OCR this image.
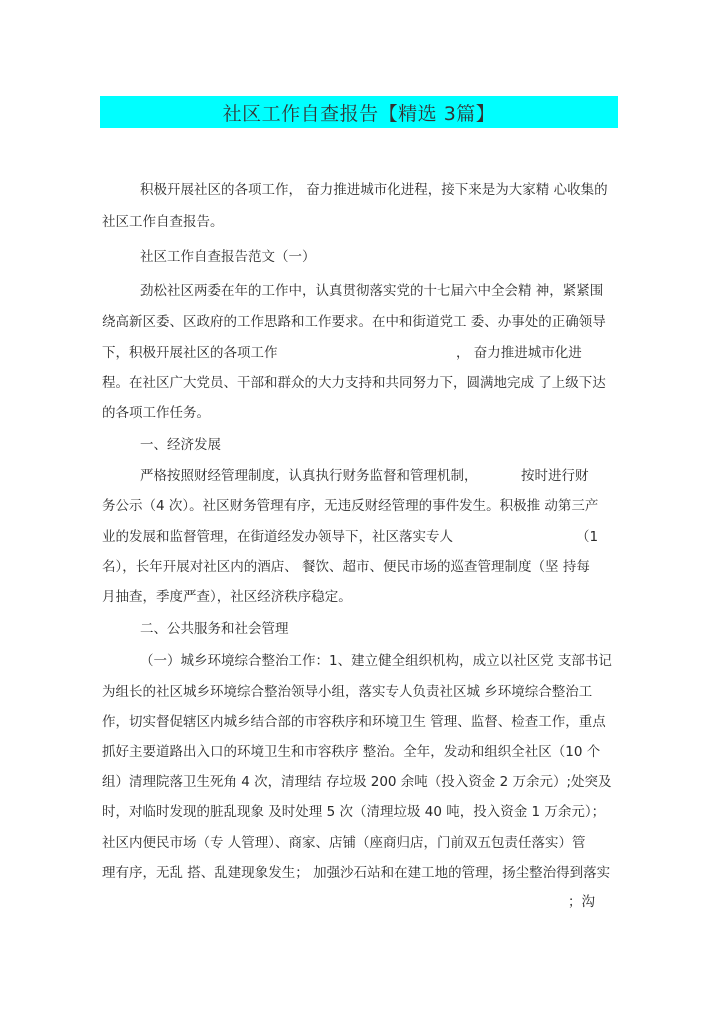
社区工作自查报告【精选 3篇】
积极幵展社区的各项工作， 奋力推进城市化进程，接下来是为大家精 心收集的
社区工作自查报告。
社区工作自查报告范文（一）
劲松社区两委在年的工作中，认真贯彻落实党的十七届六中全会精 神，紧紧围
绕高新区委、区政府的工作思路和工作要求。在中和街道党工 委、办事处的正确领导
下，积极幵展社区的各项工作	， 奋力推进城市化进
程。在社区广大党员、干部和群众的大力支持和共同努力下，圆满地完成 了上级下达
的各项工作任务。
一、经济发展
严格按照财经管理制度，认真执行财务监督和管理机制，	按时进行财
务公示（4 次）。社区财务管理有序，无违反财经管理的事件发生。积极推 动第三产
业的发展和监督管理，在街道经发办领导下，社区落实专人	（1
名），长年幵展对社区内的酒店、 餐饮、超市、便民市场的巡查管理制度（坚 持每
月抽查，季度严查），社区经济秩序稳定。
二、公共服务和社会管理
（一）城乡环境综合整治工作：1、建立健全组织机构，成立以社区党 支部书记
为组长的社区城乡环境综合整治领导小组，落实专人负责社区城 乡环境综合整治工
作，切实督促辖区内城乡结合部的市容秩序和环境卫生 管理、监督、检查工作，重点
抓好主要道路出入口的环境卫生和市容秩序 整治。全年，发动和组织全社区（10 个
组）清理院落卫生死角 4 次，清理结 存垃圾 200 余吨（投入资金 2 万余元）;处突及
时，对临时发现的脏乱现象 及时处理 5 次（清理垃圾 40 吨，投入资金 1 万余元）；
社区内便民市场（专 人管理）、商家、店铺（座商归店，门前双五包责任落实）管
理有序，无乱 搭、乱建现象发生； 加强沙石站和在建工地的管理，扬尘整治得到落实
；沟
